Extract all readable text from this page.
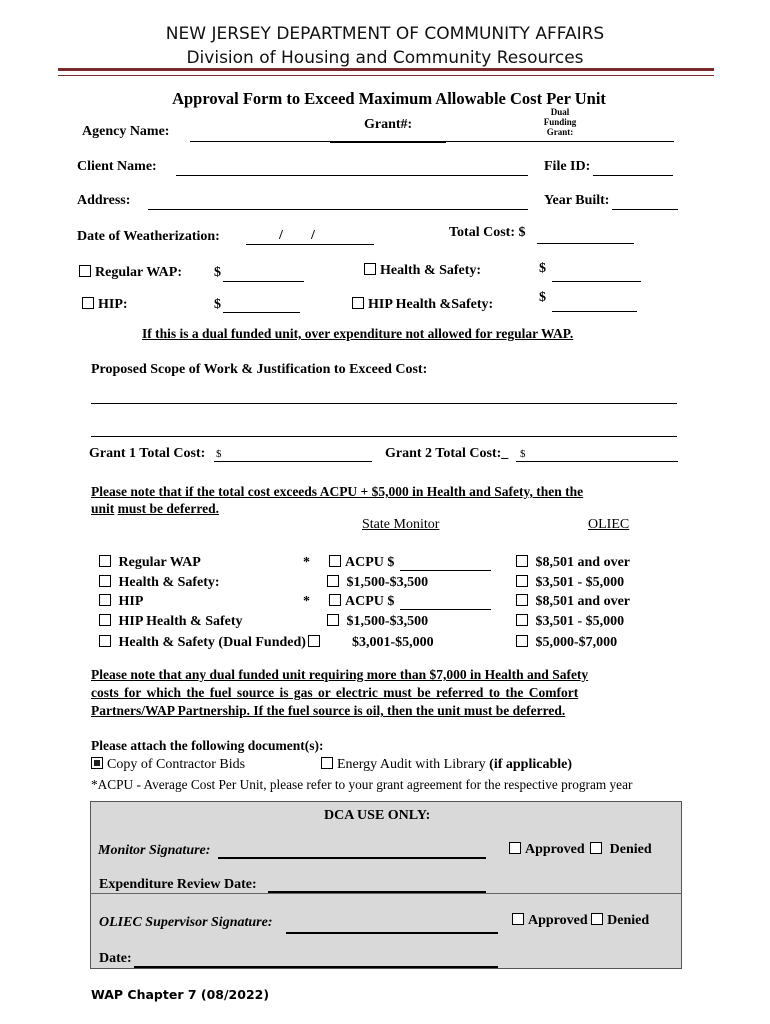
NEW JERSEY DEPARTMENT OF COMMUNITY AFFAIRS
Division of Housing and Community Resources
Approval Form to Exceed Maximum Allowable Cost Per Unit
Agency Name:	Grant#:
Dual Funding Grant:
Client Name:	File ID:
Address:	Year Built:
Date of Weatherization:	/ /	Total Cost: $
Regular WAP: $	Health & Safety:	$
HIP:	$	HIP Health &Safety:	$
If this is a dual funded unit, over expenditure not allowed for regular WAP.
Proposed Scope of Work & Justification to Exceed Cost:
Grant 1 Total Cost: $	Grant 2 Total Cost:_ $
Please note that if the total cost exceeds ACPU + $5,000 in Health and Safety, then the
unit must be deferred.
State Monitor	OLIEC
Regular WAP	*	ACPU $	$8,501 and over
Health & Safety:	$1,500-$3,500	$3,501 - $5,000
HIP	*	ACPU $	$8,501 and over
HIP Health & Safety	$1,500-$3,500	$3,501 - $5,000
Health & Safety (Dual Funded)	$3,001-$5,000	$5,000-$7,000
Please note that any dual funded unit requiring more than $7,000 in Health and Safety
costs for which the fuel source is gas or electric must be referred to the Comfort
Partners/WAP Partnership. If the fuel source is oil, then the unit must be deferred.
Please attach the following document(s):
Copy of Contractor Bids	Energy Audit with Library (if applicable)
*ACPU - Average Cost Per Unit, please refer to your grant agreement for the respective program year
DCA USE ONLY:
Monitor Signature:	Approved Denied
Expenditure Review Date:
OLIEC Supervisor Signature:	Approved Denied
Date:
WAP Chapter 7 (08/2022)
